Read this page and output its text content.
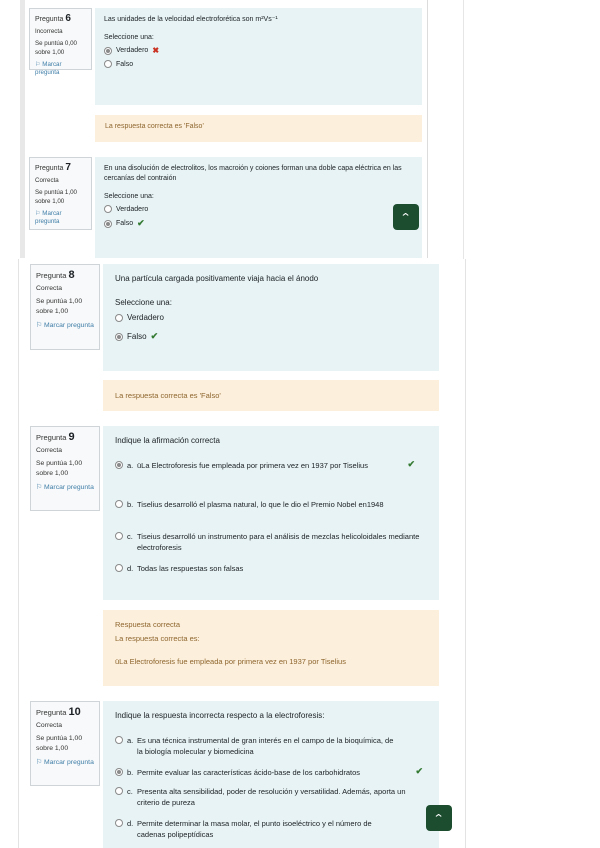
Pregunta 6
Incorrecta
Se puntúa 0,00 sobre 1,00
⚐ Marcar pregunta
Las unidades de la velocidad electroforética son m²Vs⁻¹
Seleccione una:
Verdadero ✖
Falso
La respuesta correcta es 'Falso'
Pregunta 7
Correcta
Se puntúa 1,00 sobre 1,00
⚐ Marcar pregunta
En una disolución de electrolitos, los macroión y coiones forman una doble capa eléctrica en las cercanías del contraión
Seleccione una:
Verdadero
Falso ✔	⌃
Pregunta 8
Correcta
Se puntúa 1,00 sobre 1,00
⚐ Marcar pregunta
Una partícula cargada positivamente viaja hacia el ánodo
Seleccione una:
Verdadero
Falso ✔
La respuesta correcta es 'Falso'
Pregunta 9
Correcta
Se puntúa 1,00 sobre 1,00
⚐ Marcar pregunta
Indique la afirmación correcta
a. üLa Electroforesis fue empleada por primera vez en 1937 por Tiselius	✔
b. Tiselius desarrolló el plasma natural, lo que le dio el Premio Nobel en1948
c. Tiseius desarrolló un instrumento para el análisis de mezclas helicoloidales mediante electroforesis
d. Todas las respuestas son falsas
Respuesta correcta
La respuesta correcta es:
üLa Electroforesis fue empleada por primera vez en 1937 por Tiselius
Pregunta 10
Correcta
Se puntúa 1,00 sobre 1,00
⚐ Marcar pregunta
Indique la respuesta incorrecta respecto a la electroforesis:
a. Es una técnica instrumental de gran interés en el campo de la bioquímica, de la biología molecular y biomedicina
b. Permite evaluar las características ácido-base de los carbohidratos	✔
c. Presenta alta sensibilidad, poder de resolución y versatilidad. Además, aporta un criterio de pureza
d. Permite determinar la masa molar, el punto isoeléctrico y el número de cadenas polipeptídicas
⌃
